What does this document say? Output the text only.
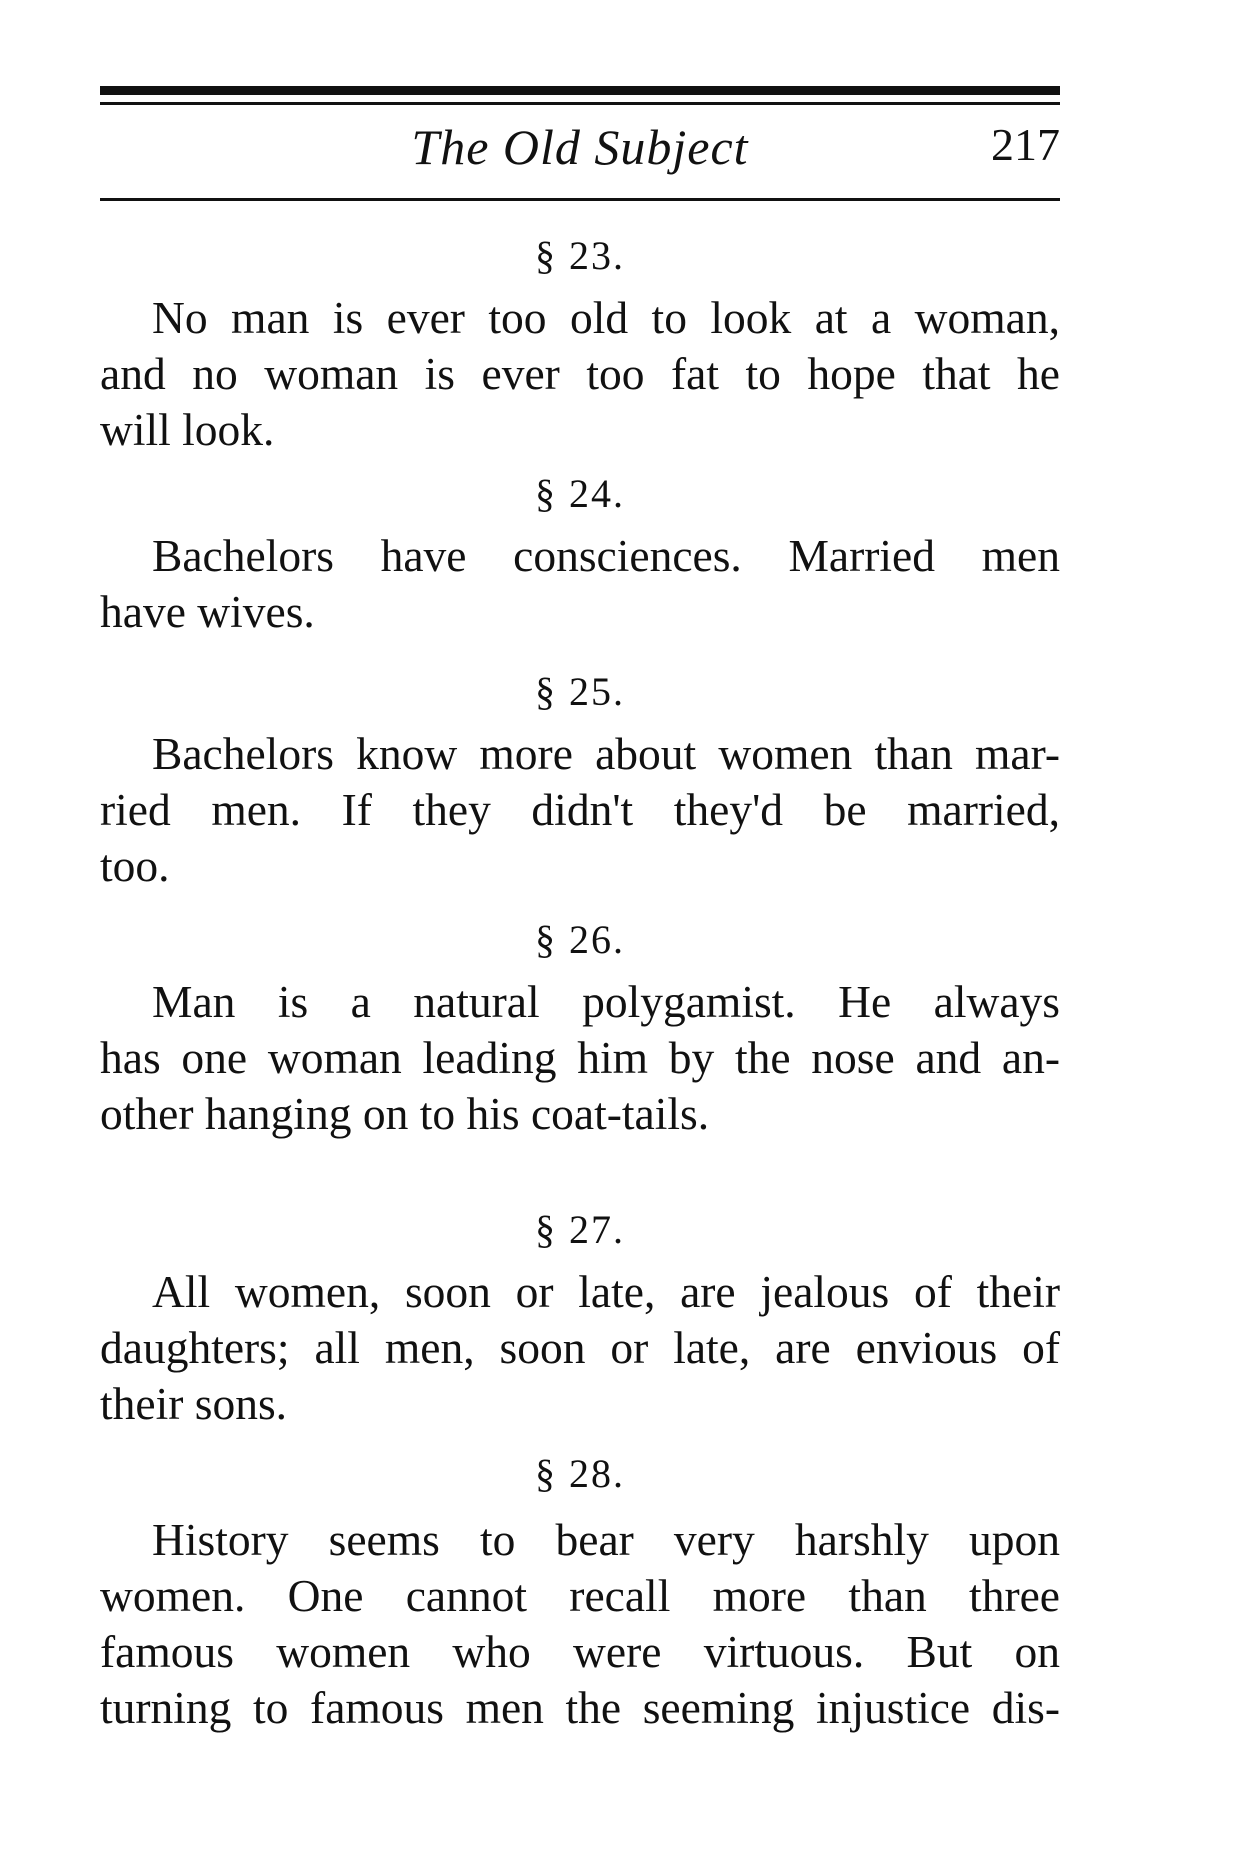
The Old Subject	217
§ 23.
No man is ever too old to look at a woman,
and no woman is ever too fat to hope that he
will look.
§ 24.
Bachelors have consciences. Married men
have wives.
§ 25.
Bachelors know more about women than mar-
ried men. If they didn't they'd be married,
too.
§ 26.
Man is a natural polygamist. He always
has one woman leading him by the nose and an-
other hanging on to his coat-tails.
§ 27.
All women, soon or late, are jealous of their
daughters; all men, soon or late, are envious of
their sons.
§ 28.
History seems to bear very harshly upon
women. One cannot recall more than three
famous women who were virtuous. But on
turning to famous men the seeming injustice dis-
